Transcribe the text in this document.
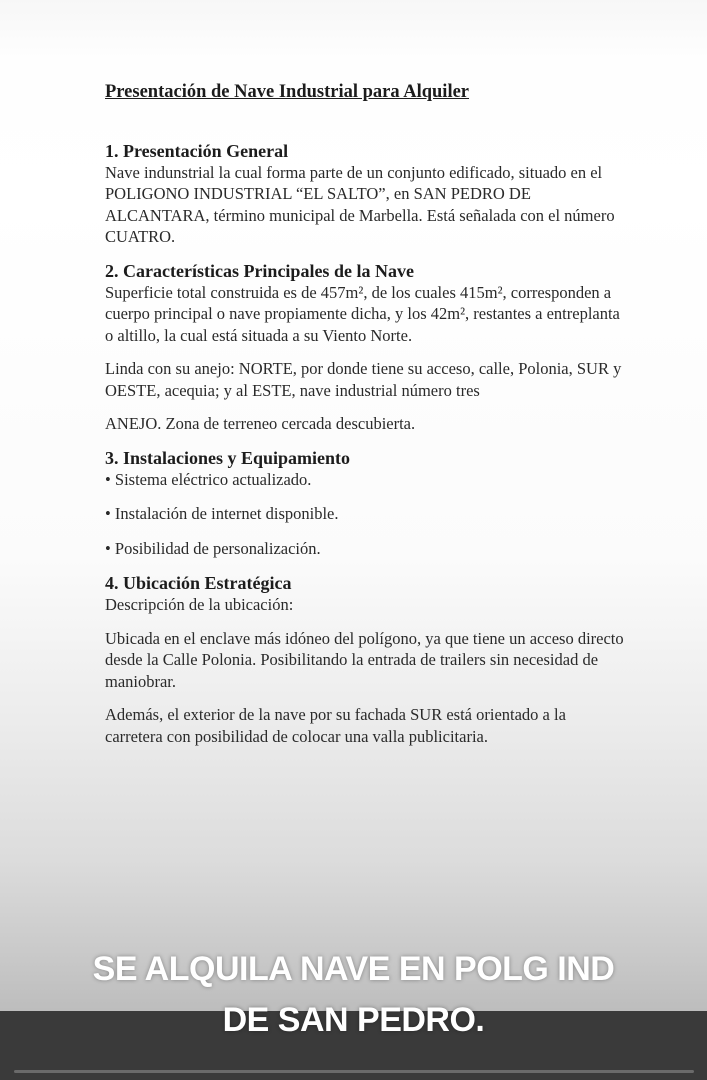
Presentación de Nave Industrial para Alquiler

1. Presentación General

Nave indunstrial la cual forma parte de un conjunto edificado, situado en el POLIGONO INDUSTRIAL “EL SALTO”, en SAN PEDRO DE ALCANTARA, término municipal de Marbella. Está señalada con el número CUATRO.

2. Características Principales de la Nave

Superficie total construida es de 457m², de los cuales 415m², corresponden a cuerpo principal o nave propiamente dicha, y los 42m², restantes a entreplanta o altillo, la cual está situada a su Viento Norte.

Linda con su anejo: NORTE, por donde tiene su acceso, calle, Polonia, SUR y OESTE, acequia; y al ESTE, nave industrial número tres

ANEJO. Zona de terreneo cercada descubierta.

3. Instalaciones y Equipamiento

• Sistema eléctrico actualizado.

• Instalación de internet disponible.

• Posibilidad de personalización.

4. Ubicación Estratégica

Descripción de la ubicación:

Ubicada en el enclave más idóneo del polígono, ya que tiene un acceso directo desde la Calle Polonia. Posibilitando la entrada de trailers sin necesidad de maniobrar.

Además, el exterior de la nave por su fachada SUR está orientado a la carretera con posibilidad de colocar una valla publicitaria.

SE ALQUILA NAVE EN POLG IND
DE SAN PEDRO.
